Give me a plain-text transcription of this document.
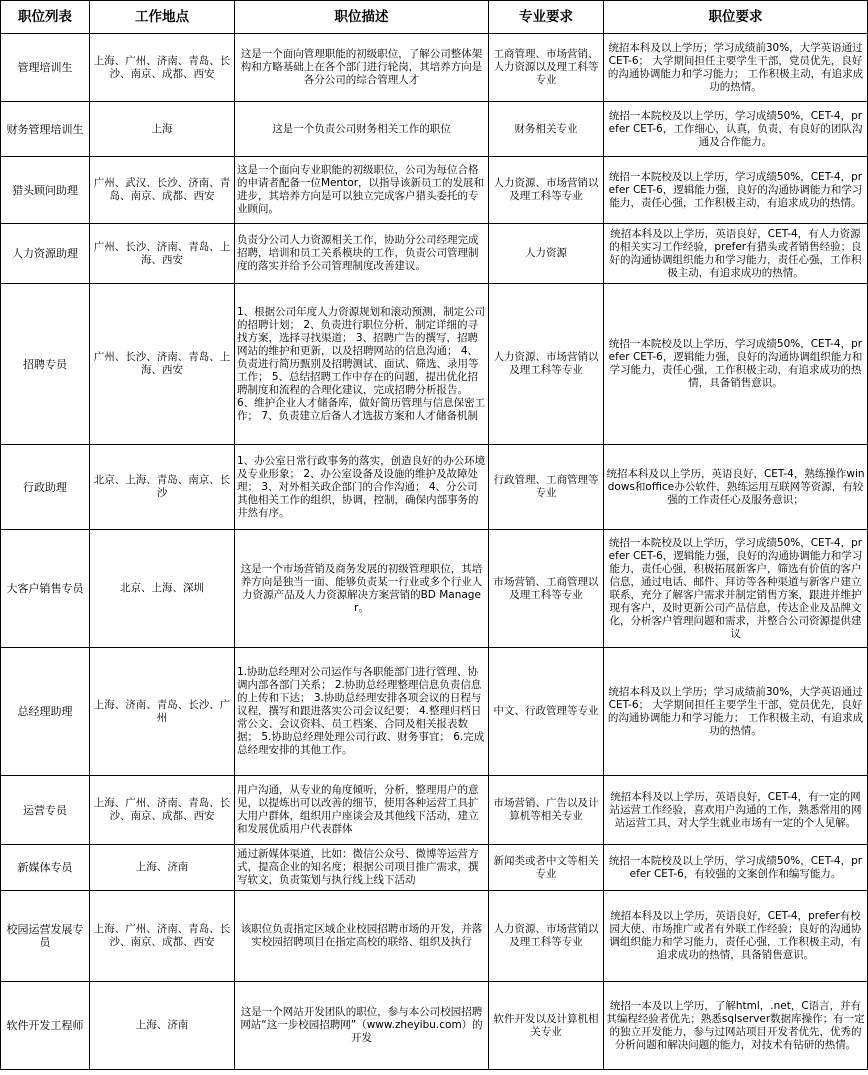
职位列表	工作地点	职位描述	专业要求	职位要求
管理培训生	上海、广州、济南、青岛、长沙、南京、成都、西安	这是一个面向管理职能的初级职位，了解公司整体架构和方略基础上在各个部门进行轮岗，其培养方向是各分公司的综合管理人才	工商管理、市场营销、人力资源以及理工科等专业	统招本科及以上学历；学习成绩前30%，大学英语通过CET-6； 大学期间担任主要学生干部，党员优先，良好的沟通协调能力和学习能力； 工作积极主动，有追求成功的热情。
财务管理培训生	上海	这是一个负责公司财务相关工作的职位	财务相关专业	统招一本院校及以上学历，学习成绩50%，CET-4，prefer CET-6，工作细心，认真，负责，有良好的团队沟通及合作能力。
猎头顾问助理	广州、武汉、长沙、济南、青岛、南京、成都、西安	这是一个面向专业职能的初级职位，公司为每位合格的申请者配备一位Mentor，以指导该新员工的发展和进步，其培养方向是可以独立完成客户猎头委托的专业顾问。	人力资源、市场营销以及理工科等专业	统招一本院校及以上学历，学习成绩50%，CET-4，prefer CET-6，逻辑能力强，良好的沟通协调能力和学习能力，责任心强，工作积极主动，有追求成功的热情。
人力资源助理	广州、长沙、济南、青岛、上海、西安	负责分公司人力资源相关工作，协助分公司经理完成招聘，培训和员工关系模块的工作，负责公司管理制度的落实并给予公司管理制度改善建议。	人力资源	统招本科及以上学历，英语良好，CET-4，有人力资源的相关实习工作经验，prefer有猎头或者销售经验；良好的沟通协调组织能力和学习能力，责任心强，工作积极主动，有追求成功的热情。
招聘专员	广州、长沙、济南、青岛、上海、西安	1、根据公司年度人力资源规划和滚动预测，制定公司的招聘计划； 2、负责进行职位分析，制定详细的寻找方案，选择寻找渠道； 3、招聘广告的撰写，招聘网站的维护和更新，以及招聘网站的信息沟通； 4、负责进行简历甄别及招聘测试、面试、筛选、录用等工作； 5、总结招聘工作中存在的问题，提出优化招聘制度和流程的合理化建议，完成招聘分析报告。 6、维护企业人才储备库，做好简历管理与信息保密工作； 7、负责建立后备人才选拔方案和人才储备机制	人力资源、市场营销以及理工科等专业	统招一本院校及以上学历，学习成绩50%，CET-4，prefer CET-6，逻辑能力强，良好的沟通协调组织能力和学习能力，责任心强，工作积极主动，有追求成功的热情，具备销售意识。
行政助理	北京、上海、青岛、南京、长沙	1、办公室日常行政事务的落实，创造良好的办公环境及专业形象； 2、办公室设备及设施的维护及故障处理； 3、对外相关政企部门的合作沟通； 4、分公司其他相关工作的组织，协调，控制，确保内部事务的井然有序。	行政管理、工商管理等专业	统招本科及以上学历，英语良好，CET-4，熟练操作windows和office办公软件，熟练运用互联网等资源，有较强的工作责任心及服务意识；
大客户销售专员	北京、上海、深圳	这是一个市场营销及商务发展的初级管理职位，其培养方向是独当一面、能够负责某一行业或多个行业人力资源产品及人力资源解决方案营销的BD Manager。	市场营销、工商管理以及理工科等专业	统招一本院校及以上学历，学习成绩50%，CET-4，prefer CET-6，逻辑能力强，良好的沟通协调能力和学习能力，责任心强，积极拓展新客户，筛选有价值的客户信息，通过电话、邮件、拜访等各种渠道与新客户建立联系，充分了解客户需求并制定销售方案，跟进并维护现有客户，及时更新公司产品信息，传达企业及品牌文化，分析客户管理问题和需求，并整合公司资源提供建议
总经理助理	上海、济南、青岛、长沙、广州	1.协助总经理对公司运作与各职能部门进行管理、协调内部各部门关系； 2.协助总经理整理信息负责信息的上传和下达； 3.协助总经理安排各项会议的日程与议程，撰写和跟进落实公司会议纪要； 4.整理归档日常公文、会议资料、员工档案、合同及相关报表数据； 5.协助总经理处理公司行政、财务事宜； 6.完成总经理安排的其他工作。	中文、行政管理等专业	统招本科及以上学历；学习成绩前30%，大学英语通过CET-6； 大学期间担任主要学生干部，党员优先，良好的沟通协调能力和学习能力； 工作积极主动，有追求成功的热情。
运营专员	上海、广州、济南、青岛、长沙、南京、成都、西安	用户沟通，从专业的角度倾听，分析，整理用户的意见，以提炼出可以改善的细节，使用各种运营工具扩大用户群体，组织用户座谈会及其他线下活动，建立和发展优质用户代表群体	市场营销、广告以及计算机等相关专业	统招本科及以上学历，英语良好，CET-4，有一定的网站运营工作经验，喜欢用户沟通的工作，熟悉常用的网站运营工具，对大学生就业市场有一定的个人见解。
新媒体专员	上海、济南	通过新媒体渠道，比如：微信公众号、微博等运营方式，提高企业的知名度；根据公司项目推广需求，撰写软文，负责策划与执行线上线下活动	新闻类或者中文等相关专业	统招一本院校及以上学历，学习成绩50%，CET-4，prefer CET-6，有较强的文案创作和编写能力。
校园运营发展专员	上海、广州、济南、青岛、长沙、南京、成都、西安	该职位负责指定区域企业校园招聘市场的开发，并落实校园招聘项目在指定高校的联络、组织及执行	人力资源、市场营销以及理工科等专业	统招本科及以上学历，英语良好，CET-4，prefer有校园大使、市场推广或者有外联工作经验；良好的沟通协调组织能力和学习能力，责任心强，工作积极主动，有追求成功的热情，具备销售意识。
软件开发工程师	上海、济南	这是一个网站开发团队的职位，参与本公司校园招聘网站“这一步校园招聘网”（www.zheyibu.com）的开发	软件开发以及计算机相关专业	统招一本及以上学历，了解html，.net，C语言，并有其编程经验者优先；熟悉sqlserver数据库操作；有一定的独立开发能力，参与过网站项目开发者优先，优秀的分析问题和解决问题的能力，对技术有钻研的热情。
